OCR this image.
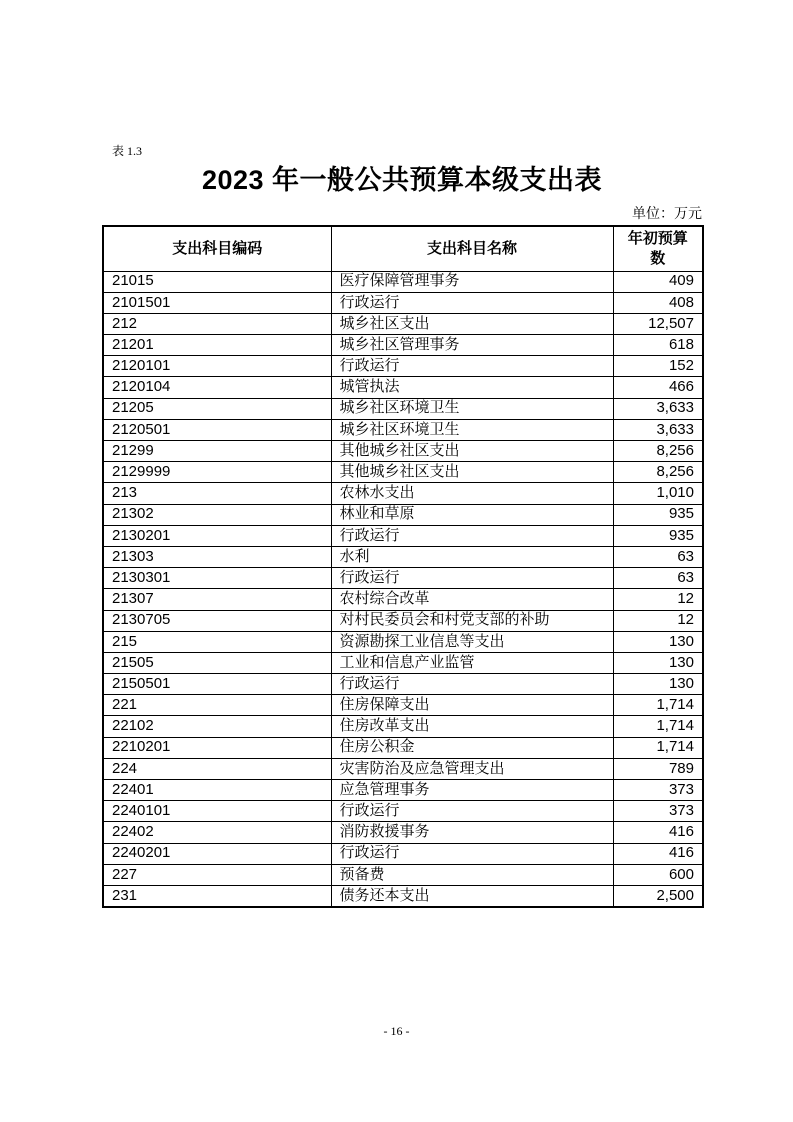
表 1.3
2023 年一般公共预算本级支出表
单位：万元
支出科目编码	支出科目名称	年初预算数
21015	医疗保障管理事务	409
2101501	行政运行	408
212	城乡社区支出	12,507
21201	城乡社区管理事务	618
2120101	行政运行	152
2120104	城管执法	466
21205	城乡社区环境卫生	3,633
2120501	城乡社区环境卫生	3,633
21299	其他城乡社区支出	8,256
2129999	其他城乡社区支出	8,256
213	农林水支出	1,010
21302	林业和草原	935
2130201	行政运行	935
21303	水利	63
2130301	行政运行	63
21307	农村综合改革	12
2130705	对村民委员会和村党支部的补助	12
215	资源勘探工业信息等支出	130
21505	工业和信息产业监管	130
2150501	行政运行	130
221	住房保障支出	1,714
22102	住房改革支出	1,714
2210201	住房公积金	1,714
224	灾害防治及应急管理支出	789
22401	应急管理事务	373
2240101	行政运行	373
22402	消防救援事务	416
2240201	行政运行	416
227	预备费	600
231	债务还本支出	2,500
- 16 -
